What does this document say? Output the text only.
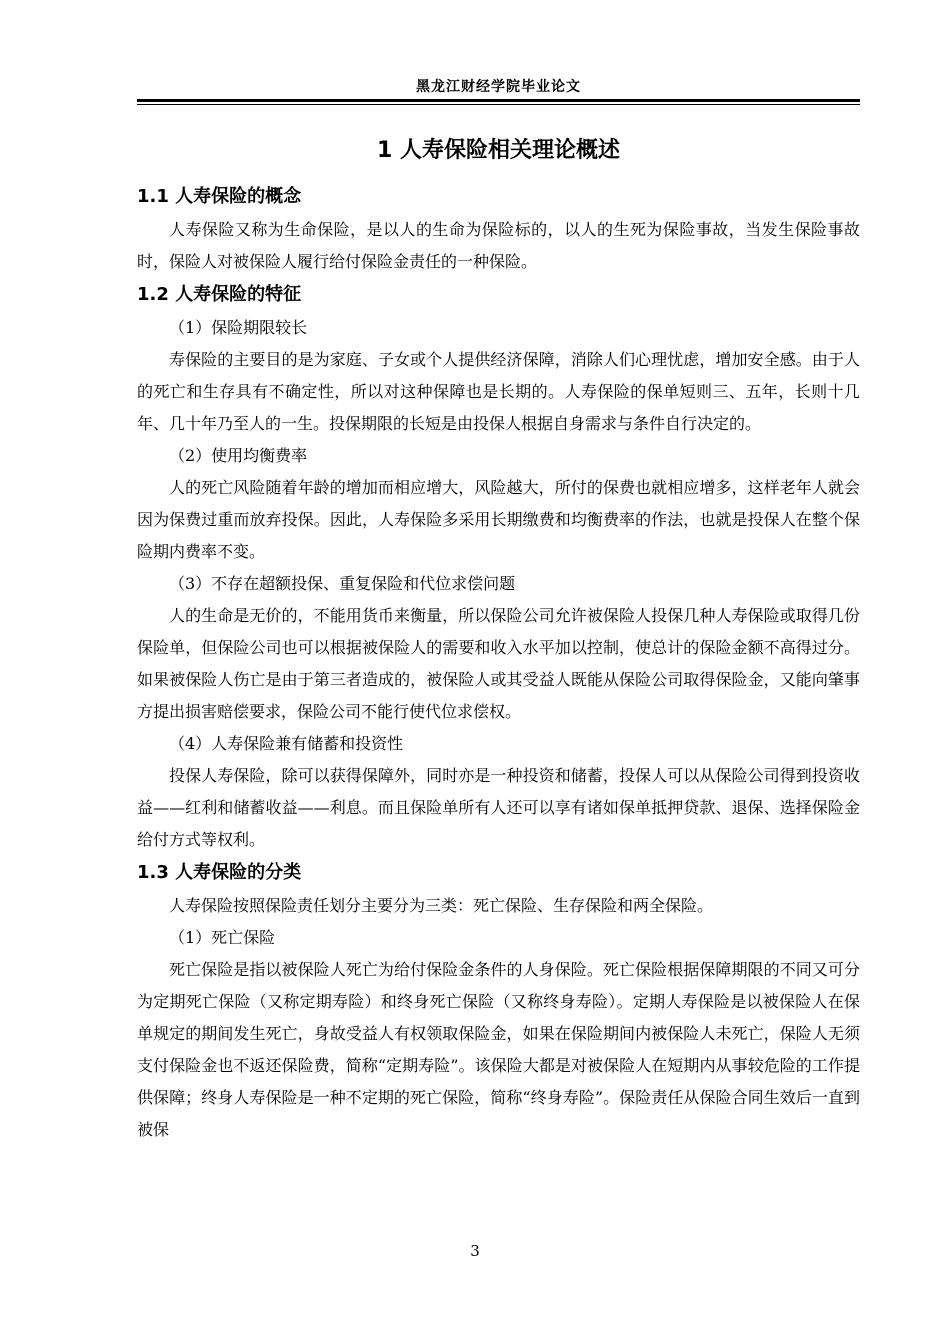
黑龙江财经学院毕业论文
1 人寿保险相关理论概述
1.1 人寿保险的概念

人寿保险又称为生命保险，是以人的生命为保险标的，以人的生死为保险事故，当发生保险事故时，保险人对被保险人履行给付保险金责任的一种保险。

1.2 人寿保险的特征

（1）保险期限较长

寿保险的主要目的是为家庭、子女或个人提供经济保障，消除人们心理忧虑，增加安全感。由于人的死亡和生存具有不确定性，所以对这种保障也是长期的。人寿保险的保单短则三、五年，长则十几年、几十年乃至人的一生。投保期限的长短是由投保人根据自身需求与条件自行决定的。

（2）使用均衡费率

人的死亡风险随着年龄的增加而相应增大，风险越大，所付的保费也就相应增多，这样老年人就会因为保费过重而放弃投保。因此，人寿保险多采用长期缴费和均衡费率的作法，也就是投保人在整个保险期内费率不变。

（3）不存在超额投保、重复保险和代位求偿问题

人的生命是无价的，不能用货币来衡量，所以保险公司允许被保险人投保几种人寿保险或取得几份保险单，但保险公司也可以根据被保险人的需要和收入水平加以控制，使总计的保险金额不高得过分。如果被保险人伤亡是由于第三者造成的，被保险人或其受益人既能从保险公司取得保险金，又能向肇事方提出损害赔偿要求，保险公司不能行使代位求偿权。

（4）人寿保险兼有储蓄和投资性

投保人寿保险，除可以获得保障外，同时亦是一种投资和储蓄，投保人可以从保险公司得到投资收益——红利和储蓄收益——利息。而且保险单所有人还可以享有诸如保单抵押贷款、退保、选择保险金给付方式等权利。

1.3 人寿保险的分类

人寿保险按照保险责任划分主要分为三类：死亡保险、生存保险和两全保险。

（1）死亡保险

死亡保险是指以被保险人死亡为给付保险金条件的人身保险。死亡保险根据保障期限的不同又可分为定期死亡保险（又称定期寿险）和终身死亡保险（又称终身寿险）。定期人寿保险是以被保险人在保单规定的期间发生死亡，身故受益人有权领取保险金，如果在保险期间内被保险人未死亡，保险人无须支付保险金也不返还保险费，简称“定期寿险”。该保险大都是对被保险人在短期内从事较危险的工作提供保障；终身人寿保险是一种不定期的死亡保险，简称“终身寿险”。保险责任从保险合同生效后一直到被保

3
